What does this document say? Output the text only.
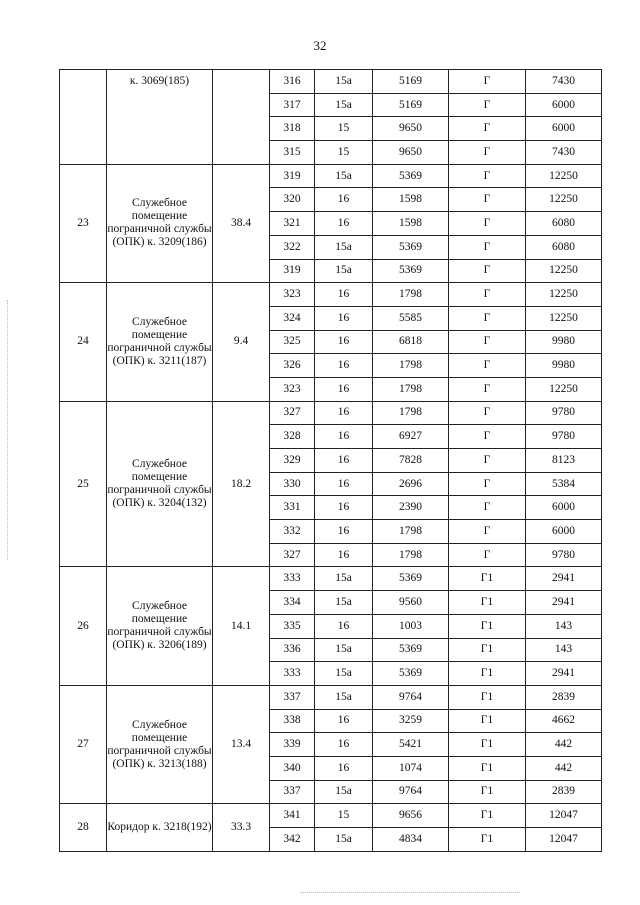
32
	к. 3069(185)		316	15а	5169	Г	7430
			317	15а	5169	Г	6000
			318	15	9650	Г	6000
			315	15	9650	Г	7430
23	Служебное помещение пограничной службы (ОПК) к. 3209(186)	38.4	319	15а	5369	Г	12250
			320	16	1598	Г	12250
			321	16	1598	Г	6080
			322	15а	5369	Г	6080
			319	15а	5369	Г	12250
24	Служебное помещение пограничной службы (ОПК) к. 3211(187)	9.4	323	16	1798	Г	12250
			324	16	5585	Г	12250
			325	16	6818	Г	9980
			326	16	1798	Г	9980
			323	16	1798	Г	12250
25	Служебное помещение пограничной службы (ОПК) к. 3204(132)	18.2	327	16	1798	Г	9780
			328	16	6927	Г	9780
			329	16	7828	Г	8123
			330	16	2696	Г	5384
			331	16	2390	Г	6000
			332	16	1798	Г	6000
			327	16	1798	Г	9780
26	Служебное помещение пограничной службы (ОПК) к. 3206(189)	14.1	333	15а	5369	Г1	2941
			334	15а	9560	Г1	2941
			335	16	1003	Г1	143
			336	15а	5369	Г1	143
			333	15а	5369	Г1	2941
27	Служебное помещение пограничной службы (ОПК) к. 3213(188)	13.4	337	15а	9764	Г1	2839
			338	16	3259	Г1	4662
			339	16	5421	Г1	442
			340	16	1074	Г1	442
			337	15а	9764	Г1	2839
28	Коридор к. 3218(192)	33.3	341	15	9656	Г1	12047
			342	15а	4834	Г1	12047
